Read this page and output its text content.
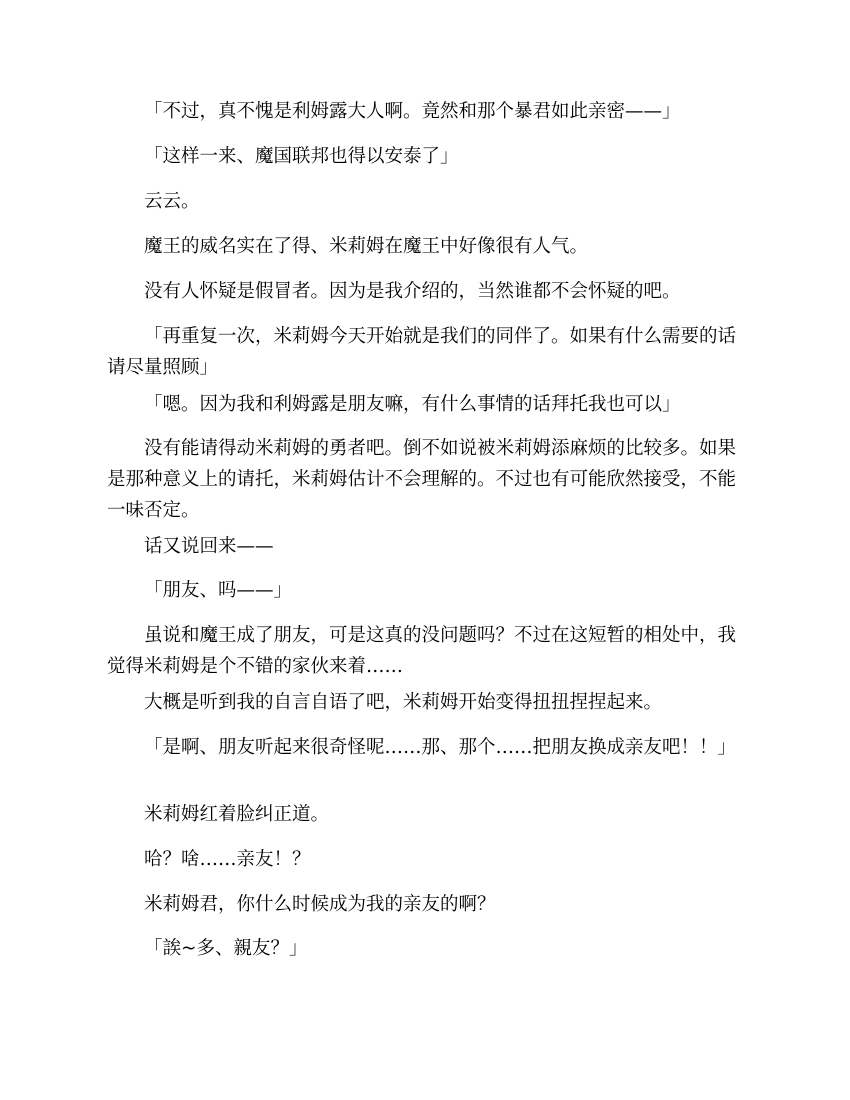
「不过，真不愧是利姆露大人啊。竟然和那个暴君如此亲密——」

「这样一来、魔国联邦也得以安泰了」

云云。

魔王的威名实在了得、米莉姆在魔王中好像很有人气。

没有人怀疑是假冒者。因为是我介绍的，当然谁都不会怀疑的吧。

「再重复一次，米莉姆今天开始就是我们的同伴了。如果有什么需要的话请尽量照顾」

「嗯。因为我和利姆露是朋友嘛，有什么事情的话拜托我也可以」

没有能请得动米莉姆的勇者吧。倒不如说被米莉姆添麻烦的比较多。如果是那种意义上的请托，米莉姆估计不会理解的。不过也有可能欣然接受，不能一味否定。

话又说回来——

「朋友、吗——」

虽说和魔王成了朋友，可是这真的没问题吗？不过在这短暂的相处中，我觉得米莉姆是个不错的家伙来着……

大概是听到我的自言自语了吧，米莉姆开始变得扭扭捏捏起来。

「是啊、朋友听起来很奇怪呢……那、那个……把朋友换成亲友吧！！」

米莉姆红着脸纠正道。

哈？啥……亲友！？

米莉姆君，你什么时候成为我的亲友的啊？

「誒~多、親友？」
